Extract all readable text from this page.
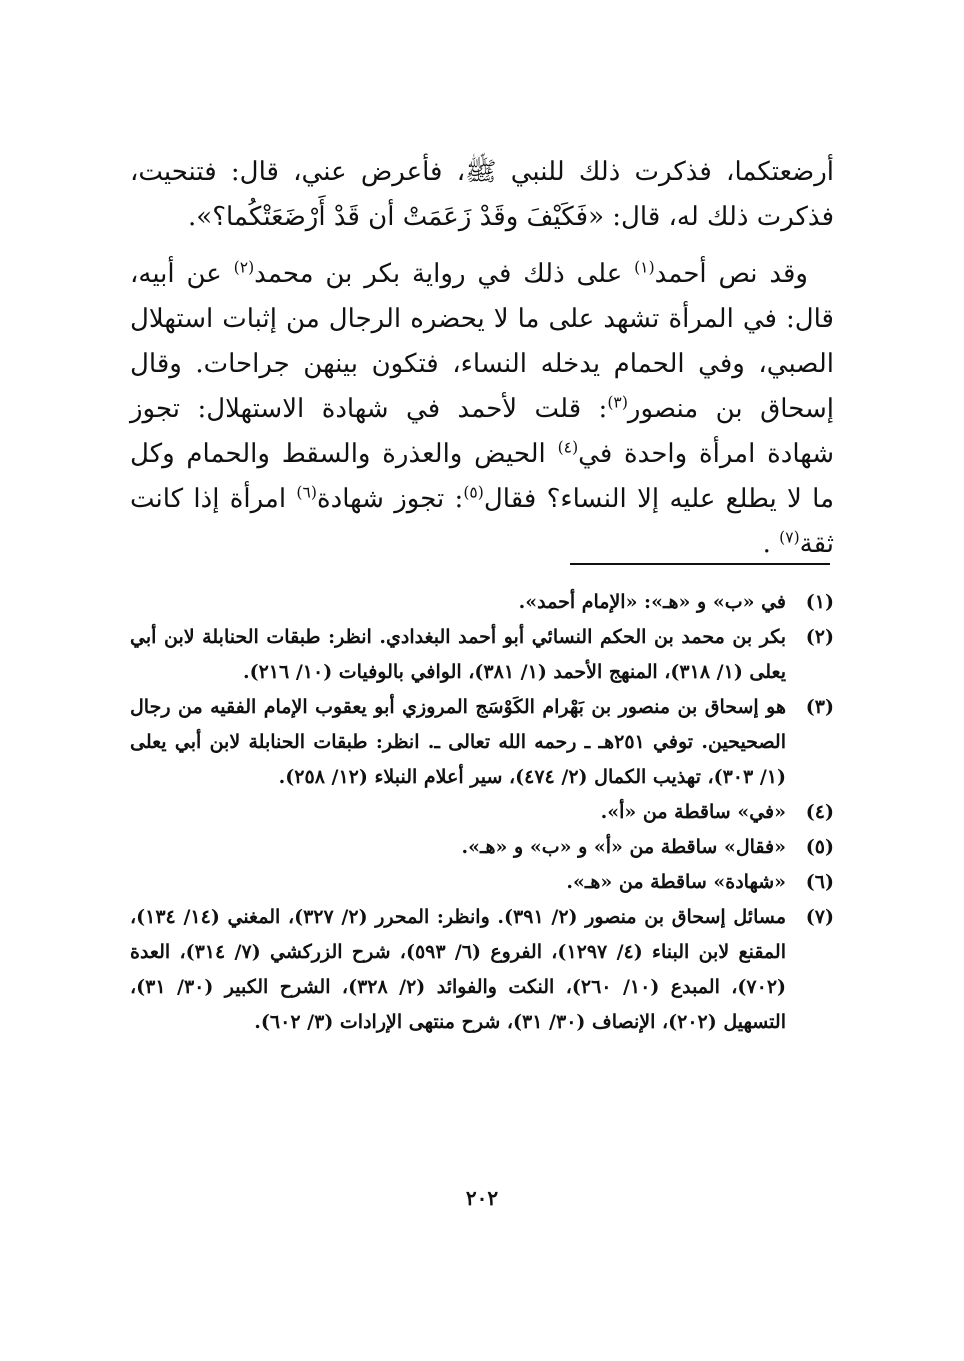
أرضعتكما، فذكرت ذلك للنبي ﷺ، فأعرض عني، قال: فتنحيت، فذكرت ذلك له، قال: «فَكَيْفَ وقَدْ زَعَمَتْ أن قَدْ أَرْضَعَتْكُما؟».

وقد نص أحمد$^{(١)}$ على ذلك في رواية بكر بن محمد$^{(٢)}$ عن أبيه، قال: في المرأة تشهد على ما لا يحضره الرجال من إثبات استهلال الصبي، وفي الحمام يدخله النساء، فتكون بينهن جراحات. وقال إسحاق بن منصور$^{(٣)}$: قلت لأحمد في شهادة الاستهلال: تجوز شهادة امرأة واحدة في$^{(٤)}$ الحيض والعذرة والسقط والحمام وكل ما لا يطلع عليه إلا النساء؟ فقال$^{(٥)}$: تجوز شهادة$^{(٦)}$ امرأة إذا كانت ثقة$^{(٧)}$ .

(١)
في «ب» و «هـ»: «الإمام أحمد».
(٢)
بكر بن محمد بن الحكم النسائي أبو أحمد البغدادي. انظر: طبقات الحنابلة لابن أبي يعلى (١/ ٣١٨)، المنهج الأحمد (١/ ٣٨١)، الوافي بالوفيات (١٠/ ٢١٦).
(٣)
هو إسحاق بن منصور بن بَهْرام الكَوْسَج المروزي أبو يعقوب الإمام الفقيه من رجال الصحيحين. توفي ٢٥١هـ ـ رحمه الله تعالى ـ. انظر: طبقات الحنابلة لابن أبي يعلى (١/ ٣٠٣)، تهذيب الكمال (٢/ ٤٧٤)، سير أعلام النبلاء (١٢/ ٢٥٨).
(٤)
«في» ساقطة من «أ».
(٥)
«فقال» ساقطة من «أ» و «ب» و «هـ».
(٦)
«شهادة» ساقطة من «هـ».
(٧)
مسائل إسحاق بن منصور (٢/ ٣٩١). وانظر: المحرر (٢/ ٣٢٧)، المغني (١٤/ ١٣٤)، المقنع لابن البناء (٤/ ١٢٩٧)، الفروع (٦/ ٥٩٣)، شرح الزركشي (٧/ ٣١٤)، العدة (٧٠٢)، المبدع (١٠/ ٢٦٠)، النكت والفوائد (٢/ ٣٢٨)، الشرح الكبير (٣٠/ ٣١)، التسهيل (٢٠٢)، الإنصاف (٣٠/ ٣١)، شرح منتهى الإرادات (٣/ ٦٠٢).
٢٠٢
